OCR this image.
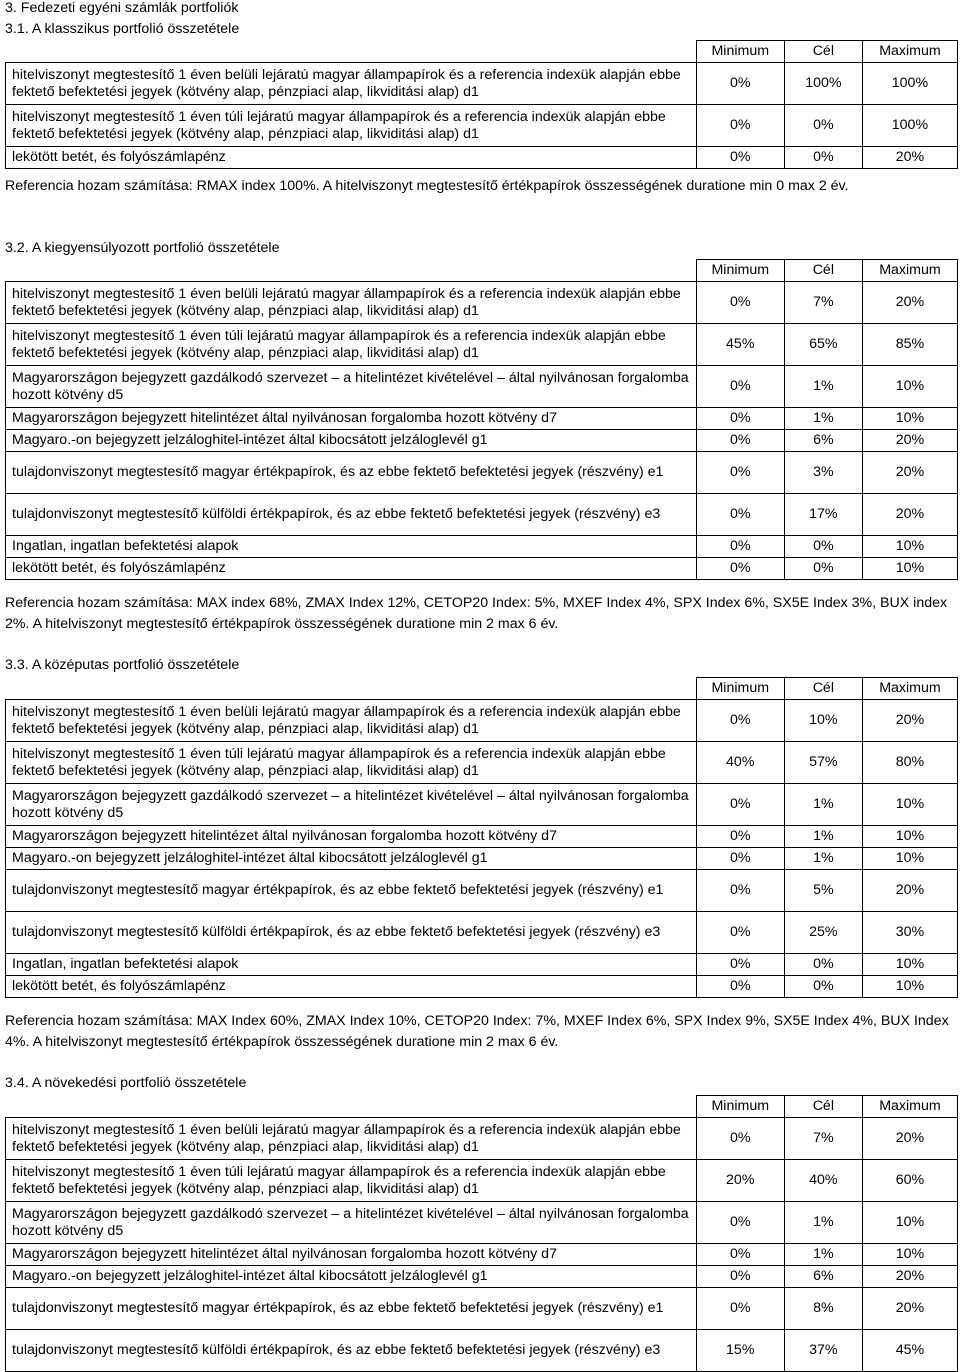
3. Fedezeti egyéni számlák portfoliók
3.1. A klasszikus portfolió összetétele
	Minimum	Cél	Maximum
hitelviszonyt megtestesítő 1 éven belüli lejáratú magyar állampapírok és a referencia indexük alapján ebbe fektető befektetési jegyek (kötvény alap, pénzpiaci alap, likviditási alap) d1	0%	100%	100%
hitelviszonyt megtestesítő 1 éven túli lejáratú magyar állampapírok és a referencia indexük alapján ebbe fektető befektetési jegyek (kötvény alap, pénzpiaci alap, likviditási alap) d1	0%	0%	100%
lekötött betét, és folyószámlapénz	0%	0%	20%
Referencia hozam számítása: RMAX index 100%. A hitelviszonyt megtestesítő értékpapírok összességének duratione min 0 max 2 év.
3.2. A kiegyensúlyozott portfolió összetétele
	Minimum	Cél	Maximum
hitelviszonyt megtestesítő 1 éven belüli lejáratú magyar állampapírok és a referencia indexük alapján ebbe fektető befektetési jegyek (kötvény alap, pénzpiaci alap, likviditási alap) d1	0%	7%	20%
hitelviszonyt megtestesítő 1 éven túli lejáratú magyar állampapírok és a referencia indexük alapján ebbe fektető befektetési jegyek (kötvény alap, pénzpiaci alap, likviditási alap) d1	45%	65%	85%
Magyarországon bejegyzett gazdálkodó szervezet – a hitelintézet kivételével – által nyilvánosan forgalomba hozott kötvény d5	0%	1%	10%
Magyarországon bejegyzett hitelintézet által nyilvánosan forgalomba hozott kötvény d7	0%	1%	10%
Magyaro.-on bejegyzett jelzáloghitel-intézet által kibocsátott jelzáloglevél g1	0%	6%	20%
tulajdonviszonyt megtestesítő magyar értékpapírok, és az ebbe fektető befektetési jegyek (részvény) e1	0%	3%	20%
tulajdonviszonyt megtestesítő külföldi értékpapírok, és az ebbe fektető befektetési jegyek (részvény) e3	0%	17%	20%
Ingatlan, ingatlan befektetési alapok	0%	0%	10%
lekötött betét, és folyószámlapénz	0%	0%	10%
Referencia hozam számítása: MAX index 68%, ZMAX Index 12%, CETOP20 Index: 5%, MXEF Index 4%, SPX Index 6%, SX5E Index 3%, BUX index 2%. A hitelviszonyt megtestesítő értékpapírok összességének duratione min 2 max 6 év.
3.3. A középutas portfolió összetétele
	Minimum	Cél	Maximum
hitelviszonyt megtestesítő 1 éven belüli lejáratú magyar állampapírok és a referencia indexük alapján ebbe fektető befektetési jegyek (kötvény alap, pénzpiaci alap, likviditási alap) d1	0%	10%	20%
hitelviszonyt megtestesítő 1 éven túli lejáratú magyar állampapírok és a referencia indexük alapján ebbe fektető befektetési jegyek (kötvény alap, pénzpiaci alap, likviditási alap) d1	40%	57%	80%
Magyarországon bejegyzett gazdálkodó szervezet – a hitelintézet kivételével – által nyilvánosan forgalomba hozott kötvény d5	0%	1%	10%
Magyarországon bejegyzett hitelintézet által nyilvánosan forgalomba hozott kötvény d7	0%	1%	10%
Magyaro.-on bejegyzett jelzáloghitel-intézet által kibocsátott jelzáloglevél g1	0%	1%	10%
tulajdonviszonyt megtestesítő magyar értékpapírok, és az ebbe fektető befektetési jegyek (részvény) e1	0%	5%	20%
tulajdonviszonyt megtestesítő külföldi értékpapírok, és az ebbe fektető befektetési jegyek (részvény) e3	0%	25%	30%
Ingatlan, ingatlan befektetési alapok	0%	0%	10%
lekötött betét, és folyószámlapénz	0%	0%	10%
Referencia hozam számítása: MAX Index 60%, ZMAX Index 10%, CETOP20 Index: 7%, MXEF Index 6%, SPX Index 9%, SX5E Index 4%, BUX Index 4%. A hitelviszonyt megtestesítő értékpapírok összességének duratione min 2 max 6 év.
3.4. A növekedési portfolió összetétele
	Minimum	Cél	Maximum
hitelviszonyt megtestesítő 1 éven belüli lejáratú magyar állampapírok és a referencia indexük alapján ebbe fektető befektetési jegyek (kötvény alap, pénzpiaci alap, likviditási alap) d1	0%	7%	20%
hitelviszonyt megtestesítő 1 éven túli lejáratú magyar állampapírok és a referencia indexük alapján ebbe fektető befektetési jegyek (kötvény alap, pénzpiaci alap, likviditási alap) d1	20%	40%	60%
Magyarországon bejegyzett gazdálkodó szervezet – a hitelintézet kivételével – által nyilvánosan forgalomba hozott kötvény d5	0%	1%	10%
Magyarországon bejegyzett hitelintézet által nyilvánosan forgalomba hozott kötvény d7	0%	1%	10%
Magyaro.-on bejegyzett jelzáloghitel-intézet által kibocsátott jelzáloglevél g1	0%	6%	20%
tulajdonviszonyt megtestesítő magyar értékpapírok, és az ebbe fektető befektetési jegyek (részvény) e1	0%	8%	20%
tulajdonviszonyt megtestesítő külföldi értékpapírok, és az ebbe fektető befektetési jegyek (részvény) e3	15%	37%	45%
